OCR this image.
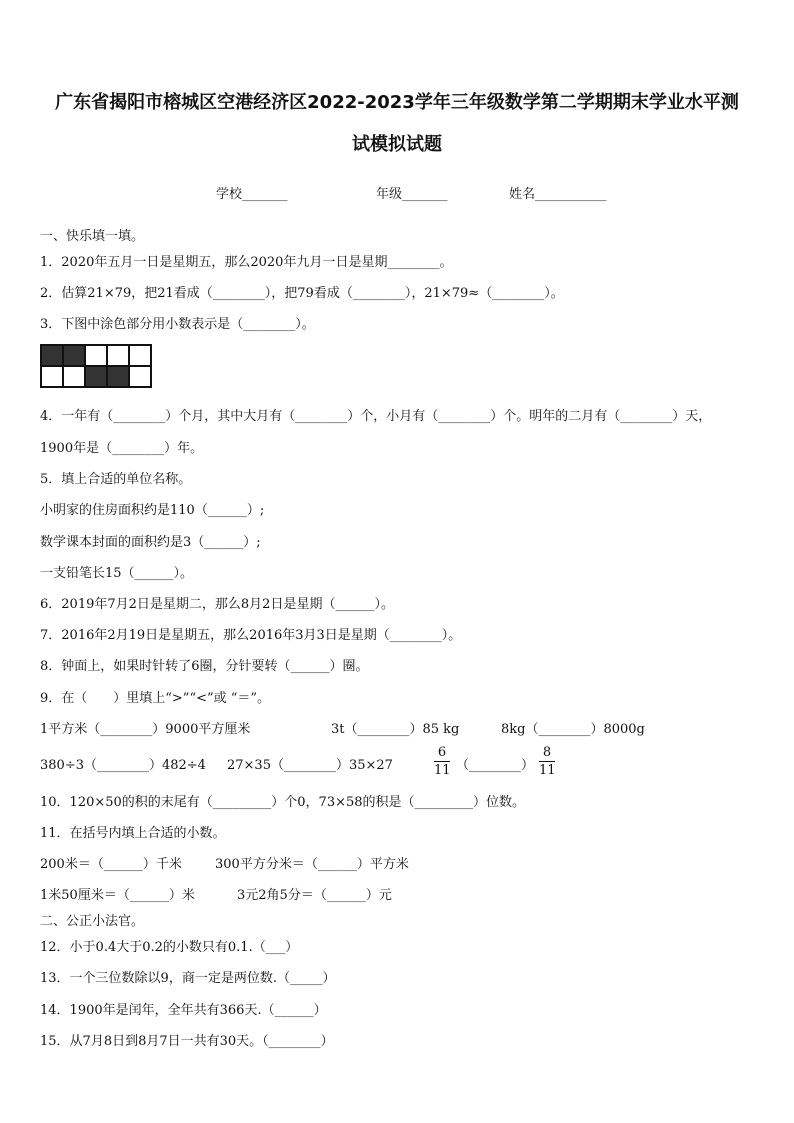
广东省揭阳市榕城区空港经济区2022-2023学年三年级数学第二学期期末学业水平测
试模拟试题
学校_______	年级_______	姓名___________
一、快乐填一填。
1．2020年五月一日是星期五，那么2020年九月一日是星期________。
2．估算21×79，把21看成（________），把79看成（________），21×79≈（________）。
3．下图中涂色部分用小数表示是（________）。
4．一年有（________）个月，其中大月有（________）个，小月有（________）个。明年的二月有（________）天，
1900年是（________）年。
5．填上合适的单位名称。
小明家的住房面积约是110（______）;
数学课本封面的面积约是3（______）;
一支铅笔长15（______）。
6．2019年7月2日是星期二，那么8月2日是星期（______）。
7．2016年2月19日是星期五，那么2016年3月3日是星期（________）。
8．钟面上，如果时针转了6圈，分针要转（______）圈。
9．在（　　）里填上“>”“<”或 “＝”。
1平方米（________）9000平方厘米	3t（________）85 kg	8kg（________）8000g
380÷3（________）482÷4 27×35（________）35×27	$\frac{6}{11}$ （________） $\frac{8}{11}$
10．120×50的积的末尾有（_________）个0，73×58的积是（_________）位数。
11．在括号内填上合适的小数。
200米＝（______）千米	300平方分米＝（______）平方米
1米50厘米＝（______）米	3元2角5分＝（______）元
二、公正小法官。
12．小于0.4大于0.2的小数只有0.1.（___）
13．一个三位数除以9，商一定是两位数.（_____）
14．1900年是闰年，全年共有366天.（______）
15．从7月8日到8月7日一共有30天。（________）
